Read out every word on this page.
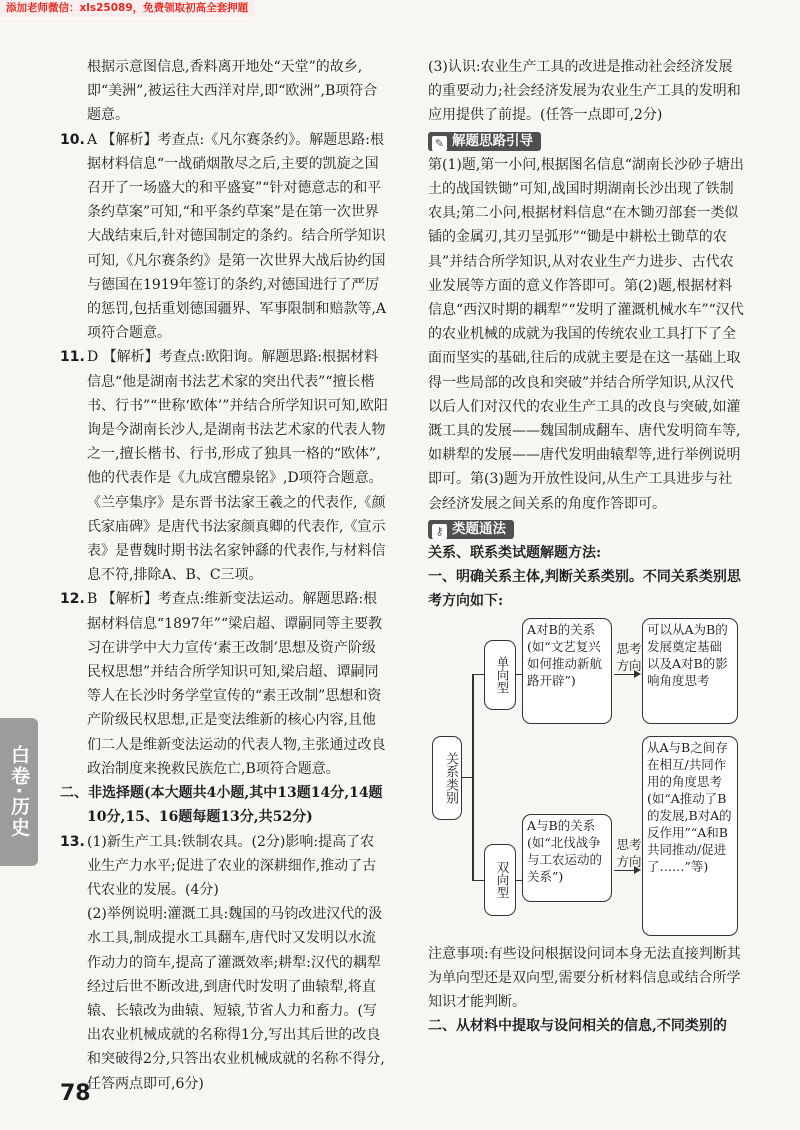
添加老师微信：xls25089，免费领取初高全套押题
白卷·历史

根据示意图信息,香料离开地处“天堂”的故乡,即“美洲”,被运往大西洋对岸,即“欧洲”,B项符合题意。

10. A 【解析】考查点:《凡尔赛条约》。解题思路:根据材料信息“一战硝烟散尽之后,主要的凯旋之国召开了一场盛大的和平盛宴”“针对德意志的和平条约草案”可知,“和平条约草案”是在第一次世界大战结束后,针对德国制定的条约。结合所学知识可知,《凡尔赛条约》是第一次世界大战后协约国与德国在1919年签订的条约,对德国进行了严厉的惩罚,包括重划德国疆界、军事限制和赔款等,A项符合题意。

11. D 【解析】考查点:欧阳询。解题思路:根据材料信息“他是湖南书法艺术家的突出代表”“擅长楷书、行书”“世称‘欧体’”并结合所学知识可知,欧阳询是今湖南长沙人,是湖南书法艺术家的代表人物之一,擅长楷书、行书,形成了独具一格的“欧体”,他的代表作是《九成宫醴泉铭》,D项符合题意。《兰亭集序》是东晋书法家王羲之的代表作,《颜氏家庙碑》是唐代书法家颜真卿的代表作,《宣示表》是曹魏时期书法名家钟繇的代表作,与材料信息不符,排除A、B、C三项。

12. B 【解析】考查点:维新变法运动。解题思路:根据材料信息“1897年”“梁启超、谭嗣同等主要教习在讲学中大力宣传‘素王改制’思想及资产阶级民权思想”并结合所学知识可知,梁启超、谭嗣同等人在长沙时务学堂宣传的“素王改制”思想和资产阶级民权思想,正是变法维新的核心内容,且他们二人是维新变法运动的代表人物,主张通过改良政治制度来挽救民族危亡,B项符合题意。

二、非选择题(本大题共4小题,其中13题14分,14题10分,15、16题每题13分,共52分)

13. (1)新生产工具:铁制农具。(2分)影响:提高了农业生产力水平;促进了农业的深耕细作,推动了古代农业的发展。(4分)

(2)举例说明:灌溉工具:魏国的马钧改进汉代的汲水工具,制成提水工具翻车,唐代时又发明以水流作动力的筒车,提高了灌溉效率;耕犁:汉代的耦犁经过后世不断改进,到唐代时发明了曲辕犁,将直辕、长辕改为曲辕、短辕,节省人力和畜力。(写出农业机械成就的名称得1分,写出其后世的改良和突破得2分,只答出农业机械成就的名称不得分,任答两点即可,6分)

(3)认识:农业生产工具的改进是推动社会经济发展的重要动力;社会经济发展为农业生产工具的发明和应用提供了前提。(任答一点即可,2分)

✎ 解题思路引导

第(1)题,第一小问,根据图名信息“湖南长沙砂子塘出土的战国铁锄”可知,战国时期湖南长沙出现了铁制农具;第二小问,根据材料信息“在木锄刃部套一类似锸的金属刃,其刃呈弧形”“锄是中耕松土锄草的农具”并结合所学知识,从对农业生产力进步、古代农业发展等方面的意义作答即可。第(2)题,根据材料信息“西汉时期的耦犁”“发明了灌溉机械水车”“汉代的农业机械的成就为我国的传统农业工具打下了全面而坚实的基础,往后的成就主要是在这一基础上取得一些局部的改良和突破”并结合所学知识,从汉代以后人们对汉代的农业生产工具的改良与突破,如灌溉工具的发展——魏国制成翻车、唐代发明筒车等,如耕犁的发展——唐代发明曲辕犁等,进行举例说明即可。第(3)题为开放性设问,从生产工具进步与社会经济发展之间关系的角度作答即可。

⚷ 类题通法

关系、联系类试题解题方法:

一、明确关系主体,判断关系类别。不同关系类别思考方向如下:

关系类别
单向型
双向型
A对B的关系(如“文艺复兴如何推动新航路开辟”)
A与B的关系(如“北伐战争与工农运动的关系”)
思考方向
思考方向
可以从A为B的发展奠定基础以及A对B的影响角度思考
从A与B之间存在相互/共同作用的角度思考(如“A推动了B的发展,B对A的反作用”“A和B共同推动/促进了……”等)

注意事项:有些设问根据设问词本身无法直接判断其为单向型还是双向型,需要分析材料信息或结合所学知识才能判断。

二、从材料中提取与设问相关的信息,不同类别的

78
